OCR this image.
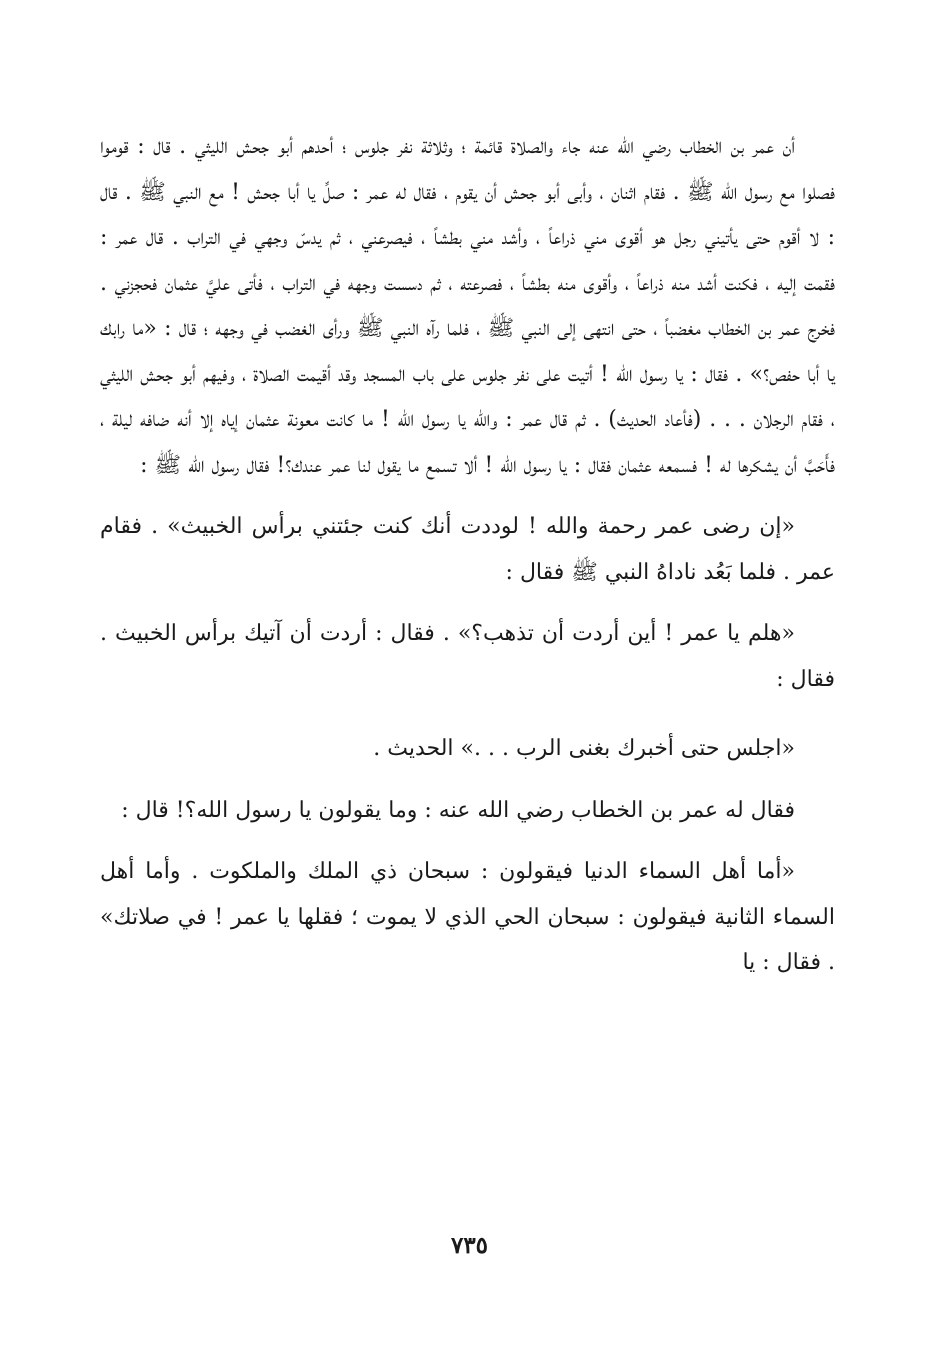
أن عمر بن الخطاب رضي الله عنه جاء والصلاة قائمة ؛ وثلاثة نفر جلوس ؛ أحدهم أبو جحش الليثي . قال : قوموا فصلوا مع رسول الله ﷺ . فقام اثنان ، وأبى أبو جحش أن يقوم ، فقال له عمر : صلِّ يا أبا جحش ! مع النبي ﷺ . قال : لا أقوم حتى يأتيني رجل هو أقوى مني ذراعاً ، وأشد مني بطشاً ، فيصرعني ، ثم يدسّ وجهي في التراب . قال عمر : فقمت إليه ، فكنت أشد منه ذراعاً ، وأقوى منه بطشاً ، فصرعته ، ثم دسست وجهه في التراب ، فأتى عليَّ عثمان فحجزني . فخرج عمر بن الخطاب مغضباً ، حتى انتهى إلى النبي ﷺ ، فلما رآه النبي ﷺ ورأى الغضب في وجهه ؛ قال : «ما رابك يا أبا حفص؟» . فقال : يا رسول الله ! أتيت على نفر جلوس على باب المسجد وقد أقيمت الصلاة ، وفيهم أبو جحش الليثي ، فقام الرجلان . . . (فأعاد الحديث) . ثم قال عمر : والله يا رسول الله ! ما كانت معونة عثمان إياه إلا أنه ضافه ليلة ، فأَحَبَّ أن يشكرها له ! فسمعه عثمان فقال : يا رسول الله ! ألا تسمع ما يقول لنا عمر عندك؟! فقال رسول الله ﷺ :

«إن رضى عمر رحمة والله ! لوددت أنك كنت جئتني برأس الخبيث» . فقام عمر . فلما بَعُد ناداهُ النبي ﷺ فقال :

«هلم يا عمر ! أين أردت أن تذهب؟» . فقال : أردت أن آتيك برأس الخبيث . فقال :

«اجلس حتى أخبرك بغنى الرب . . .» الحديث .

فقال له عمر بن الخطاب رضي الله عنه : وما يقولون يا رسول الله؟! قال :

«أما أهل السماء الدنيا فيقولون : سبحان ذي الملك والملكوت . وأما أهل السماء الثانية فيقولون : سبحان الحي الذي لا يموت ؛ فقلها يا عمر ! في صلاتك» . فقال : يا

٧٣٥
